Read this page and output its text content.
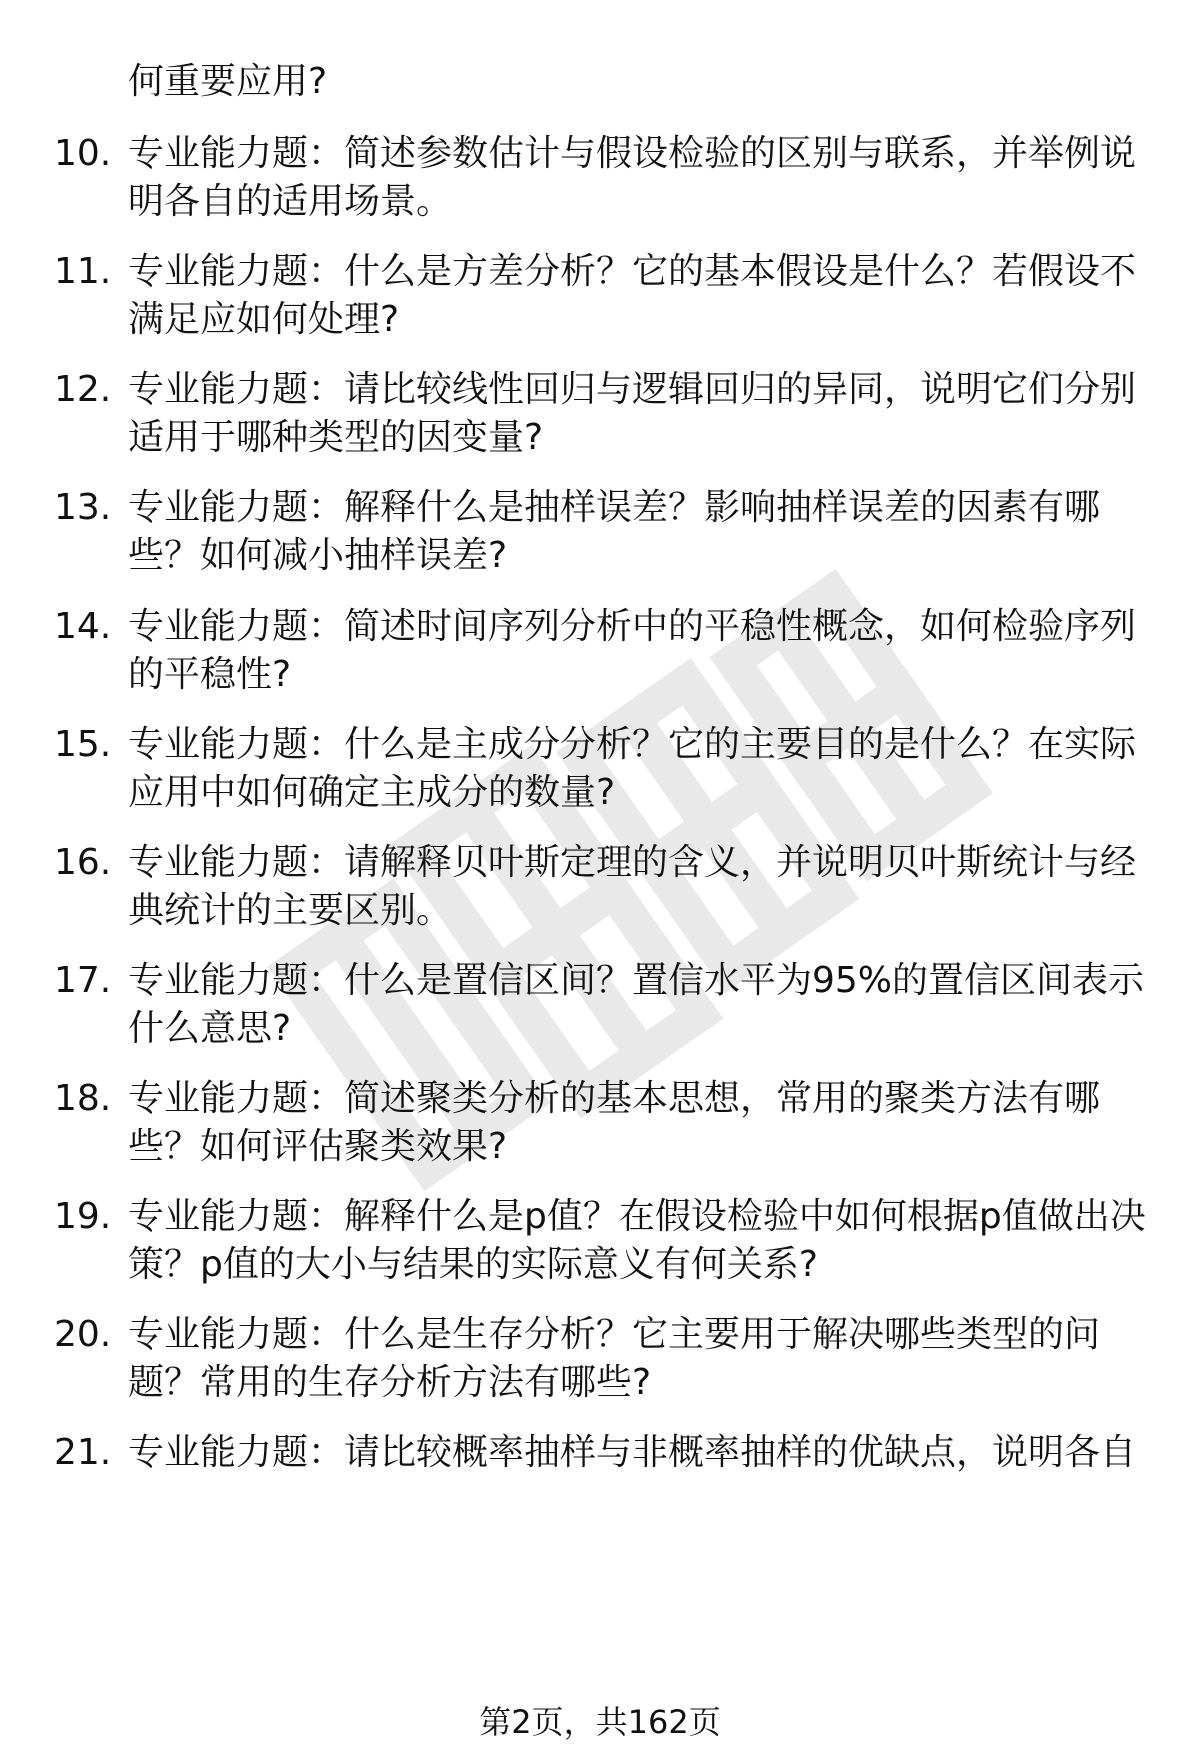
何重要应用?
10. 专业能力题：简述参数估计与假设检验的区别与联系，并举例说
明各自的适用场景。
11. 专业能力题：什么是方差分析？它的基本假设是什么？若假设不
满足应如何处理?
12. 专业能力题：请比较线性回归与逻辑回归的异同，说明它们分别
适用于哪种类型的因变量?
13. 专业能力题：解释什么是抽样误差？影响抽样误差的因素有哪
些？如何减小抽样误差?
14. 专业能力题：简述时间序列分析中的平稳性概念，如何检验序列
的平稳性?
15. 专业能力题：什么是主成分分析？它的主要目的是什么？在实际
应用中如何确定主成分的数量?
16. 专业能力题：请解释贝叶斯定理的含义，并说明贝叶斯统计与经
典统计的主要区别。
17. 专业能力题：什么是置信区间？置信水平为95%的置信区间表示
什么意思?
18. 专业能力题：简述聚类分析的基本思想，常用的聚类方法有哪
些？如何评估聚类效果?
19. 专业能力题：解释什么是p值？在假设检验中如何根据p值做出决
策？p值的大小与结果的实际意义有何关系?
20. 专业能力题：什么是生存分析？它主要用于解决哪些类型的问
题？常用的生存分析方法有哪些?
21. 专业能力题：请比较概率抽样与非概率抽样的优缺点，说明各自
第2页，共162页
